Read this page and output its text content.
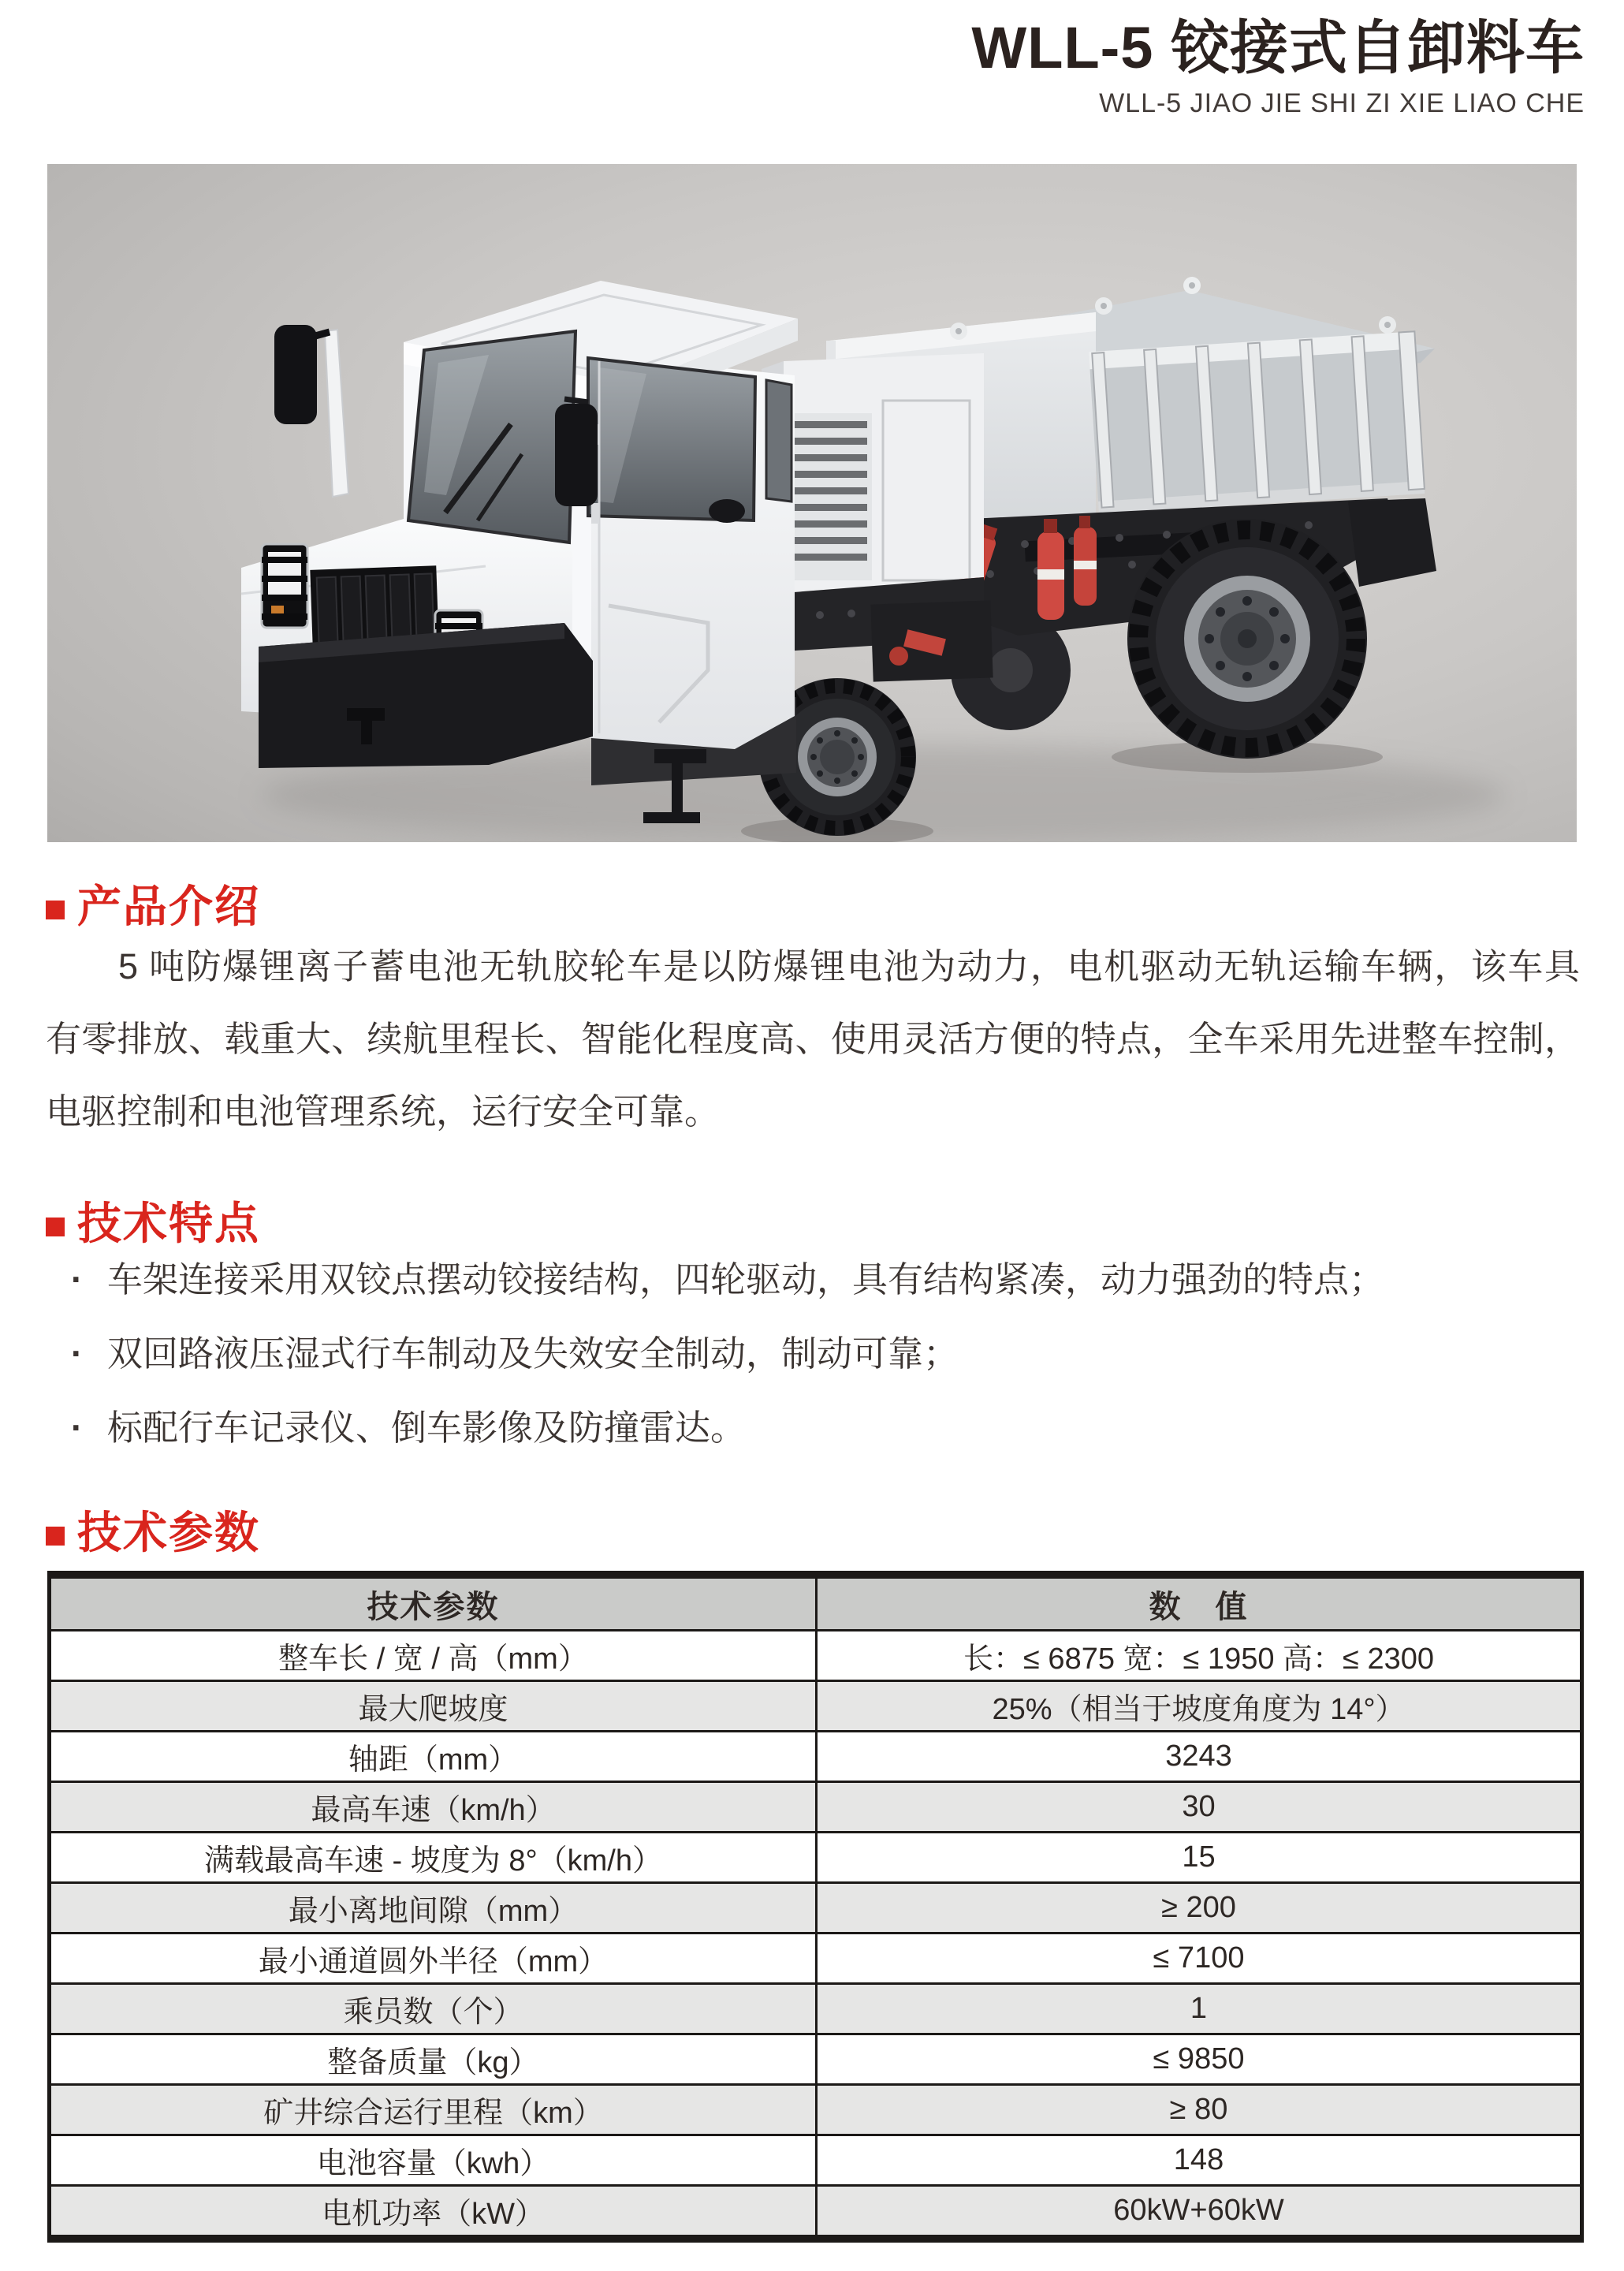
WLL-5 铰接式自卸料车
WLL-5 JIAO JIE SHI ZI XIE LIAO CHE
产品介绍
5 吨防爆锂离子蓄电池无轨胶轮车是以防爆锂电池为动力，电机驱动无轨运输车辆，该车具
有零排放、载重大、续航里程长、智能化程度高、使用灵活方便的特点，全车采用先进整车控制，
电驱控制和电池管理系统，运行安全可靠。
技术特点
· 车架连接采用双铰点摆动铰接结构，四轮驱动，具有结构紧凑，动力强劲的特点；
· 双回路液压湿式行车制动及失效安全制动，制动可靠；
· 标配行车记录仪、倒车影像及防撞雷达。
技术参数
技术参数	数　值
整车长 / 宽 / 高（mm）	长：≤ 6875 宽：≤ 1950 高：≤ 2300
最大爬坡度	25%（相当于坡度角度为 14°）
轴距（mm）	3243
最高车速（km/h）	30
满载最高车速 - 坡度为 8°（km/h）	15
最小离地间隙（mm）	≥ 200
最小通道圆外半径（mm）	≤ 7100
乘员数（个）	1
整备质量（kg）	≤ 9850
矿井综合运行里程（km）	≥ 80
电池容量（kwh）	148
电机功率（kW）	60kW+60kW
